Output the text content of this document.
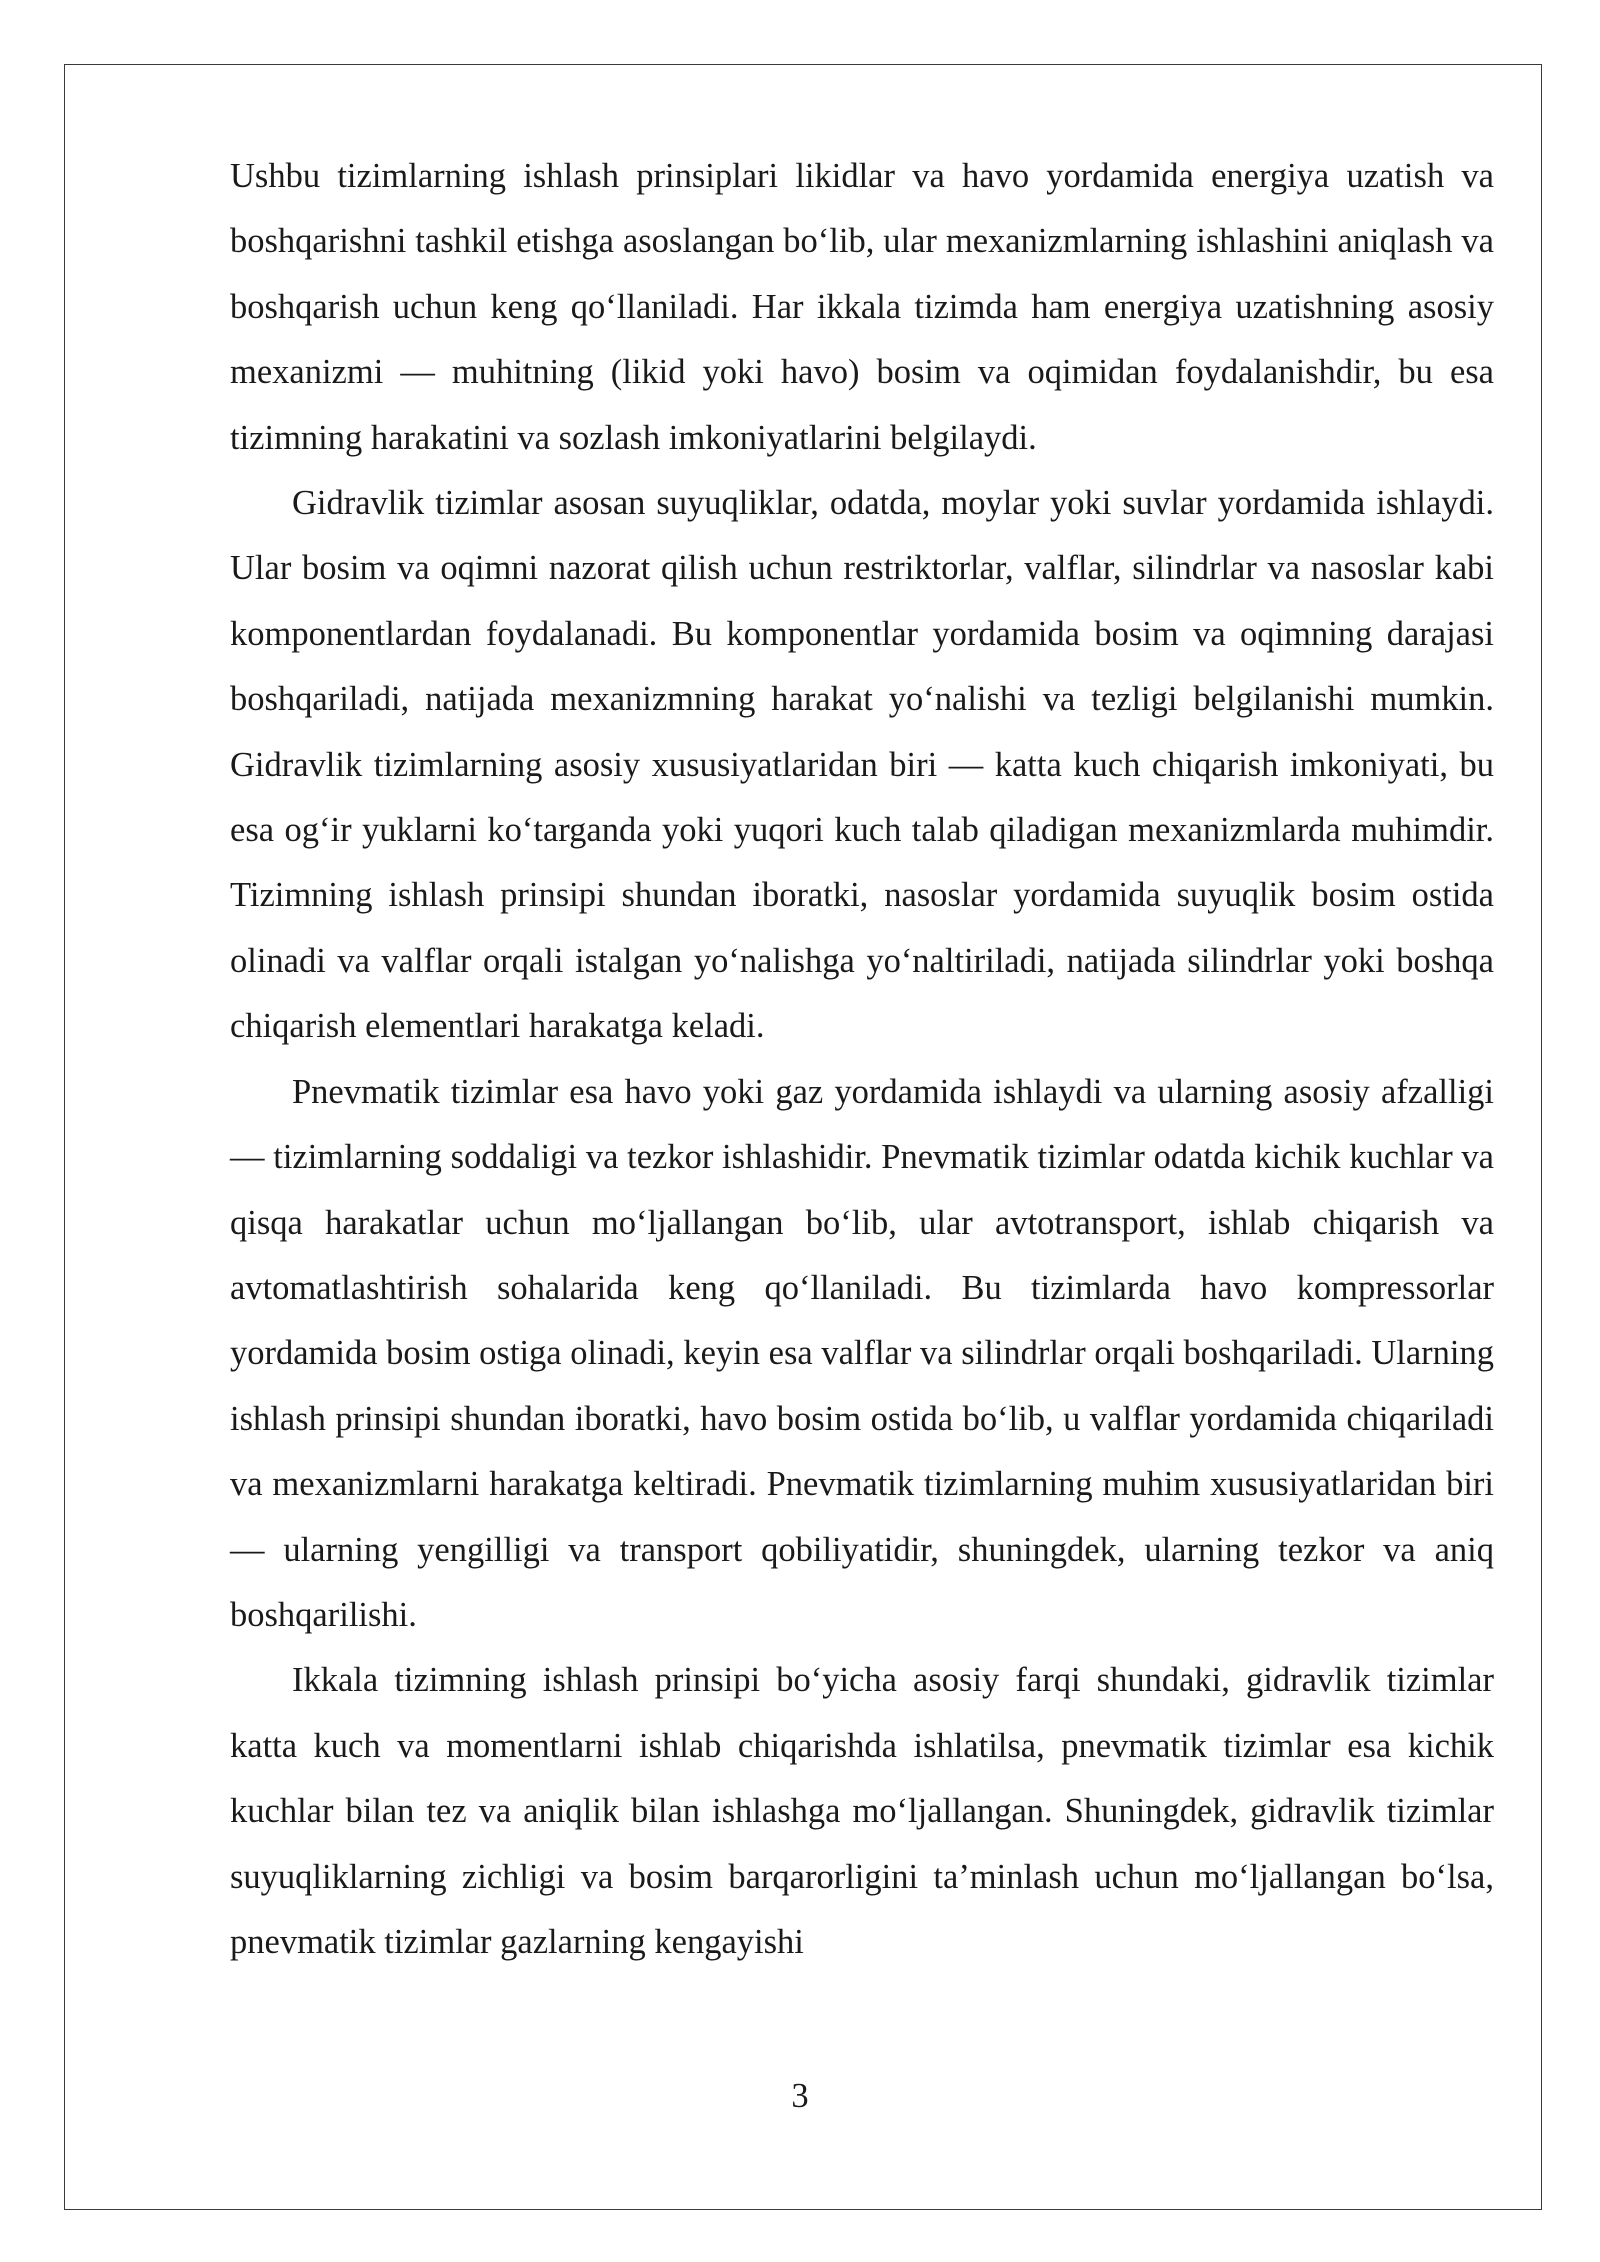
Ushbu tizimlarning ishlash prinsiplari likidlar va havo yordamida energiya uzatish va boshqarishni tashkil etishga asoslangan bo‘lib, ular mexanizmlarning ishlashini aniqlash va boshqarish uchun keng qo‘llaniladi. Har ikkala tizimda ham energiya uzatishning asosiy mexanizmi — muhitning (likid yoki havo) bosim va oqimidan foydalanishdir, bu esa tizimning harakatini va sozlash imkoniyatlarini belgilaydi.

Gidravlik tizimlar asosan suyuqliklar, odatda, moylar yoki suvlar yordamida ishlaydi. Ular bosim va oqimni nazorat qilish uchun restriktorlar, valflar, silindrlar va nasoslar kabi komponentlardan foydalanadi. Bu komponentlar yordamida bosim va oqimning darajasi boshqariladi, natijada mexanizmning harakat yo‘nalishi va tezligi belgilanishi mumkin. Gidravlik tizimlarning asosiy xususiyatlaridan biri — katta kuch chiqarish imkoniyati, bu esa og‘ir yuklarni ko‘targanda yoki yuqori kuch talab qiladigan mexanizmlarda muhimdir. Tizimning ishlash prinsipi shundan iboratki, nasoslar yordamida suyuqlik bosim ostida olinadi va valflar orqali istalgan yo‘nalishga yo‘naltiriladi, natijada silindrlar yoki boshqa chiqarish elementlari harakatga keladi.

Pnevmatik tizimlar esa havo yoki gaz yordamida ishlaydi va ularning asosiy afzalligi — tizimlarning soddaligi va tezkor ishlashidir. Pnevmatik tizimlar odatda kichik kuchlar va qisqa harakatlar uchun mo‘ljallangan bo‘lib, ular avtotransport, ishlab chiqarish va avtomatlashtirish sohalarida keng qo‘llaniladi. Bu tizimlarda havo kompressorlar yordamida bosim ostiga olinadi, keyin esa valflar va silindrlar orqali boshqariladi. Ularning ishlash prinsipi shundan iboratki, havo bosim ostida bo‘lib, u valflar yordamida chiqariladi va mexanizmlarni harakatga keltiradi. Pnevmatik tizimlarning muhim xususiyatlaridan biri — ularning yengilligi va transport qobiliyatidir, shuningdek, ularning tezkor va aniq boshqarilishi.

Ikkala tizimning ishlash prinsipi bo‘yicha asosiy farqi shundaki, gidravlik tizimlar katta kuch va momentlarni ishlab chiqarishda ishlatilsa, pnevmatik tizimlar esa kichik kuchlar bilan tez va aniqlik bilan ishlashga mo‘ljallangan. Shuningdek, gidravlik tizimlar suyuqliklarning zichligi va bosim barqarorligini ta’minlash uchun mo‘ljallangan bo‘lsa, pnevmatik tizimlar gazlarning kengayishi

3
